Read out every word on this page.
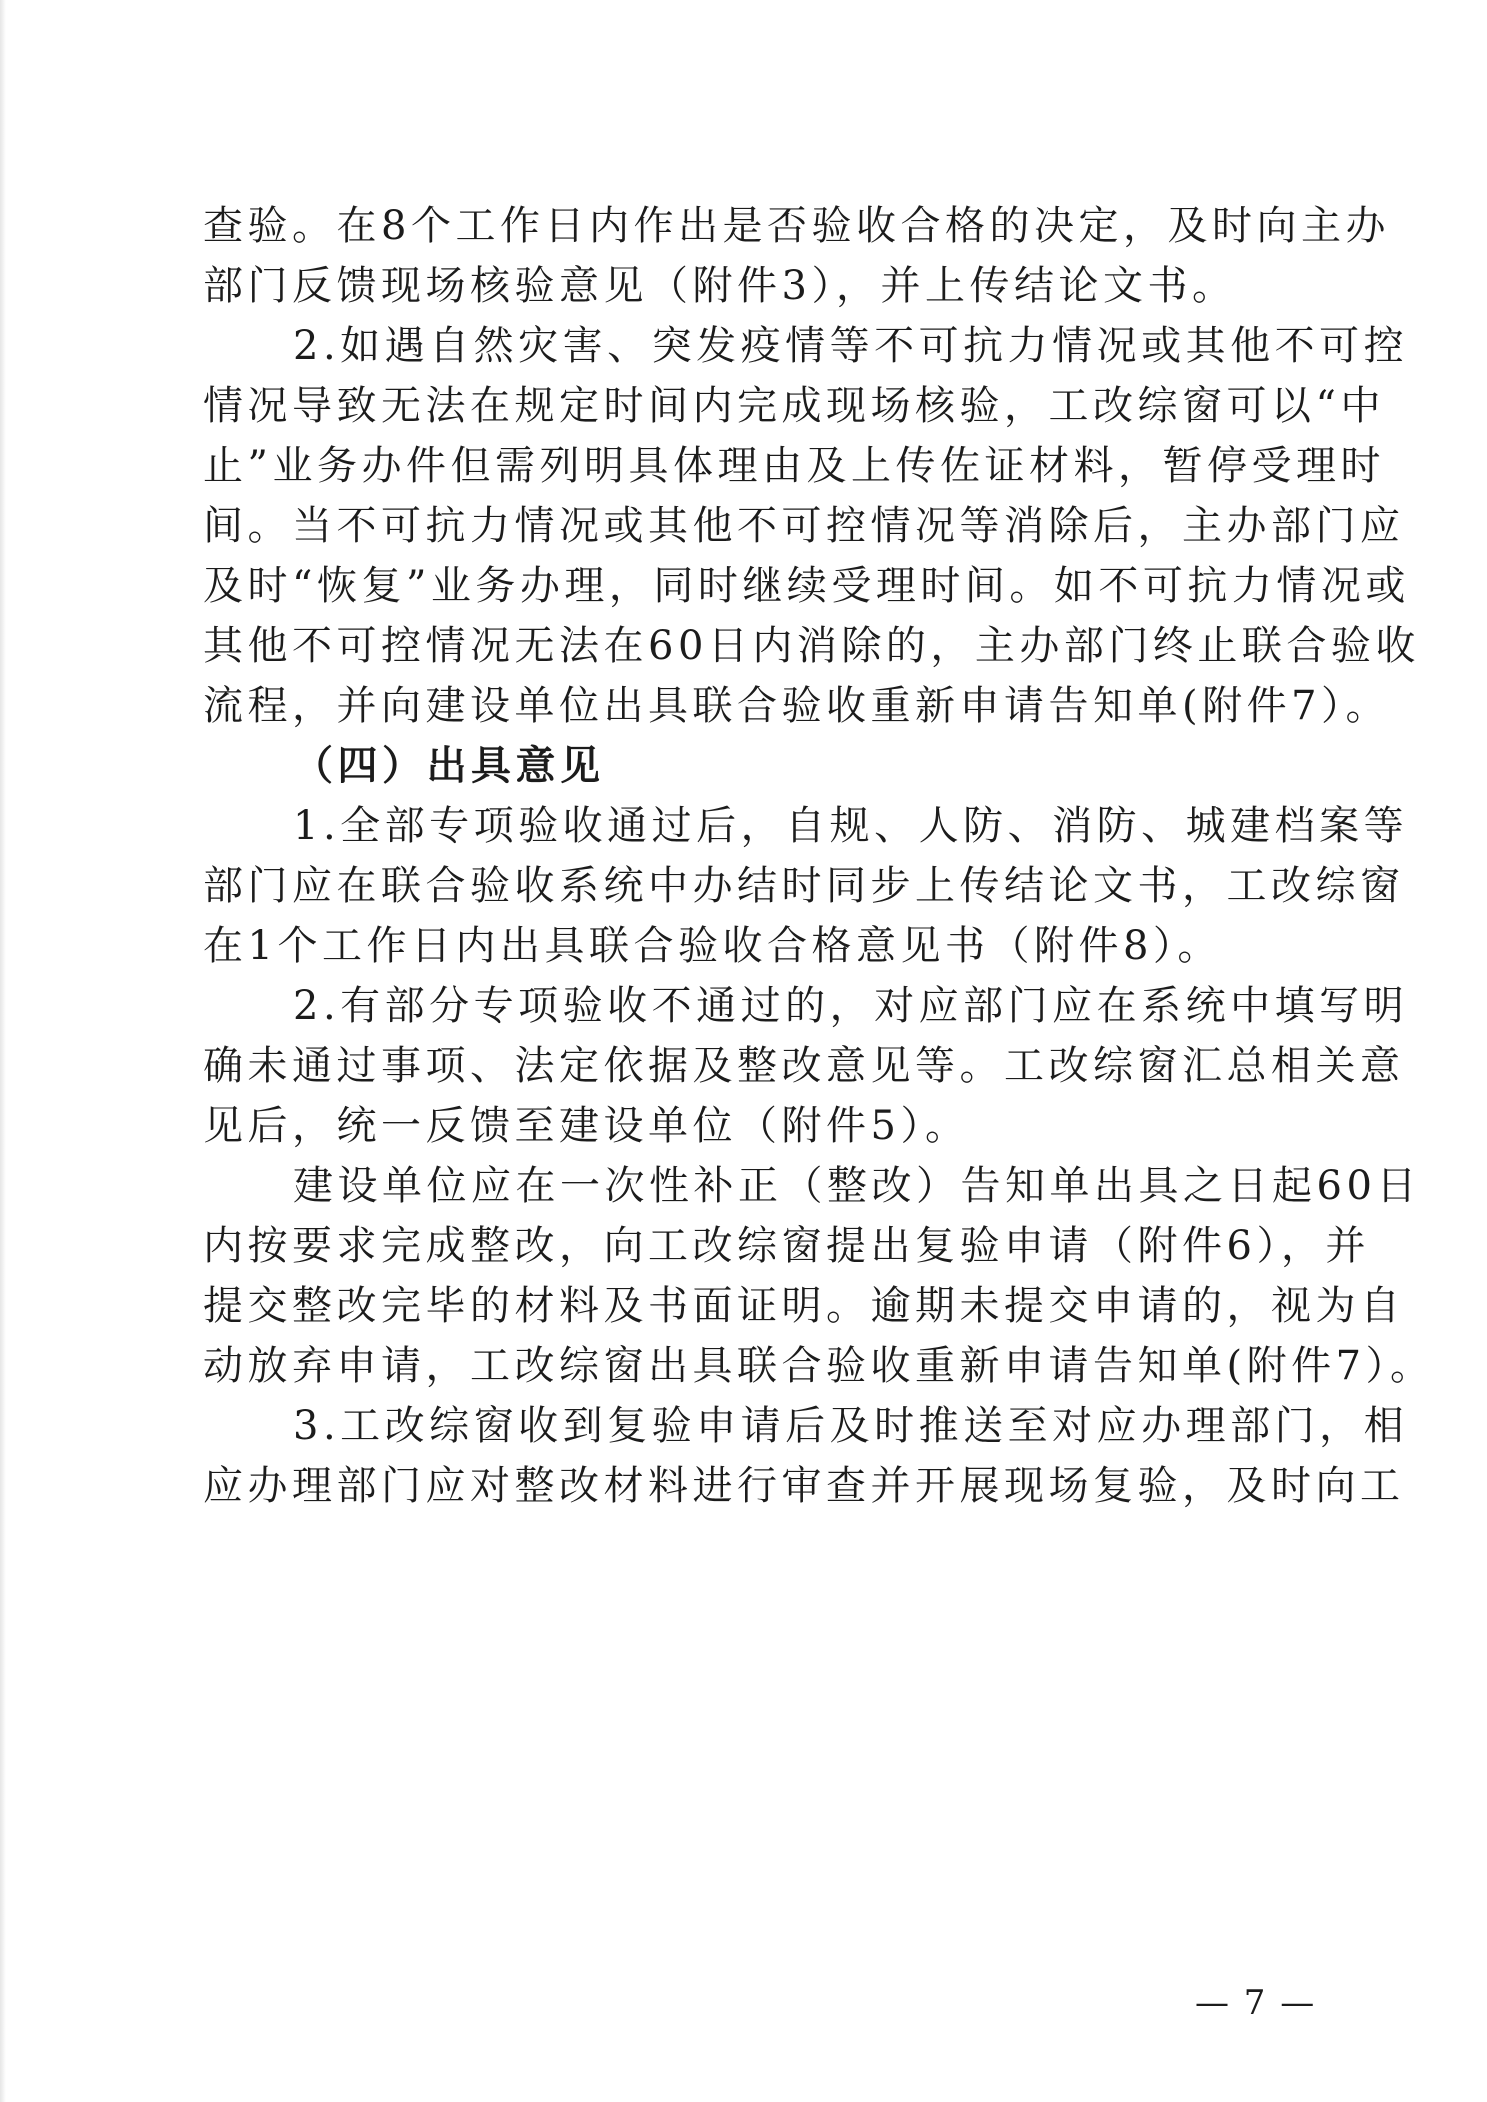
查验。在8个工作日内作出是否验收合格的决定，及时向主办
部门反馈现场核验意见（附件3），并上传结论文书。
2.如遇自然灾害、突发疫情等不可抗力情况或其他不可控
情况导致无法在规定时间内完成现场核验，工改综窗可以“中
止”业务办件但需列明具体理由及上传佐证材料，暂停受理时
间。当不可抗力情况或其他不可控情况等消除后，主办部门应
及时“恢复”业务办理，同时继续受理时间。如不可抗力情况或
其他不可控情况无法在60日内消除的，主办部门终止联合验收
流程，并向建设单位出具联合验收重新申请告知单(附件7）。
（四）出具意见
1.全部专项验收通过后，自规、人防、消防、城建档案等
部门应在联合验收系统中办结时同步上传结论文书，工改综窗
在1个工作日内出具联合验收合格意见书（附件8）。
2.有部分专项验收不通过的，对应部门应在系统中填写明
确未通过事项、法定依据及整改意见等。工改综窗汇总相关意
见后，统一反馈至建设单位（附件5）。
建设单位应在一次性补正（整改）告知单出具之日起60日
内按要求完成整改，向工改综窗提出复验申请（附件6），并
提交整改完毕的材料及书面证明。逾期未提交申请的，视为自
动放弃申请，工改综窗出具联合验收重新申请告知单(附件7）。
3.工改综窗收到复验申请后及时推送至对应办理部门，相
应办理部门应对整改材料进行审查并开展现场复验，及时向工
— 7 —
